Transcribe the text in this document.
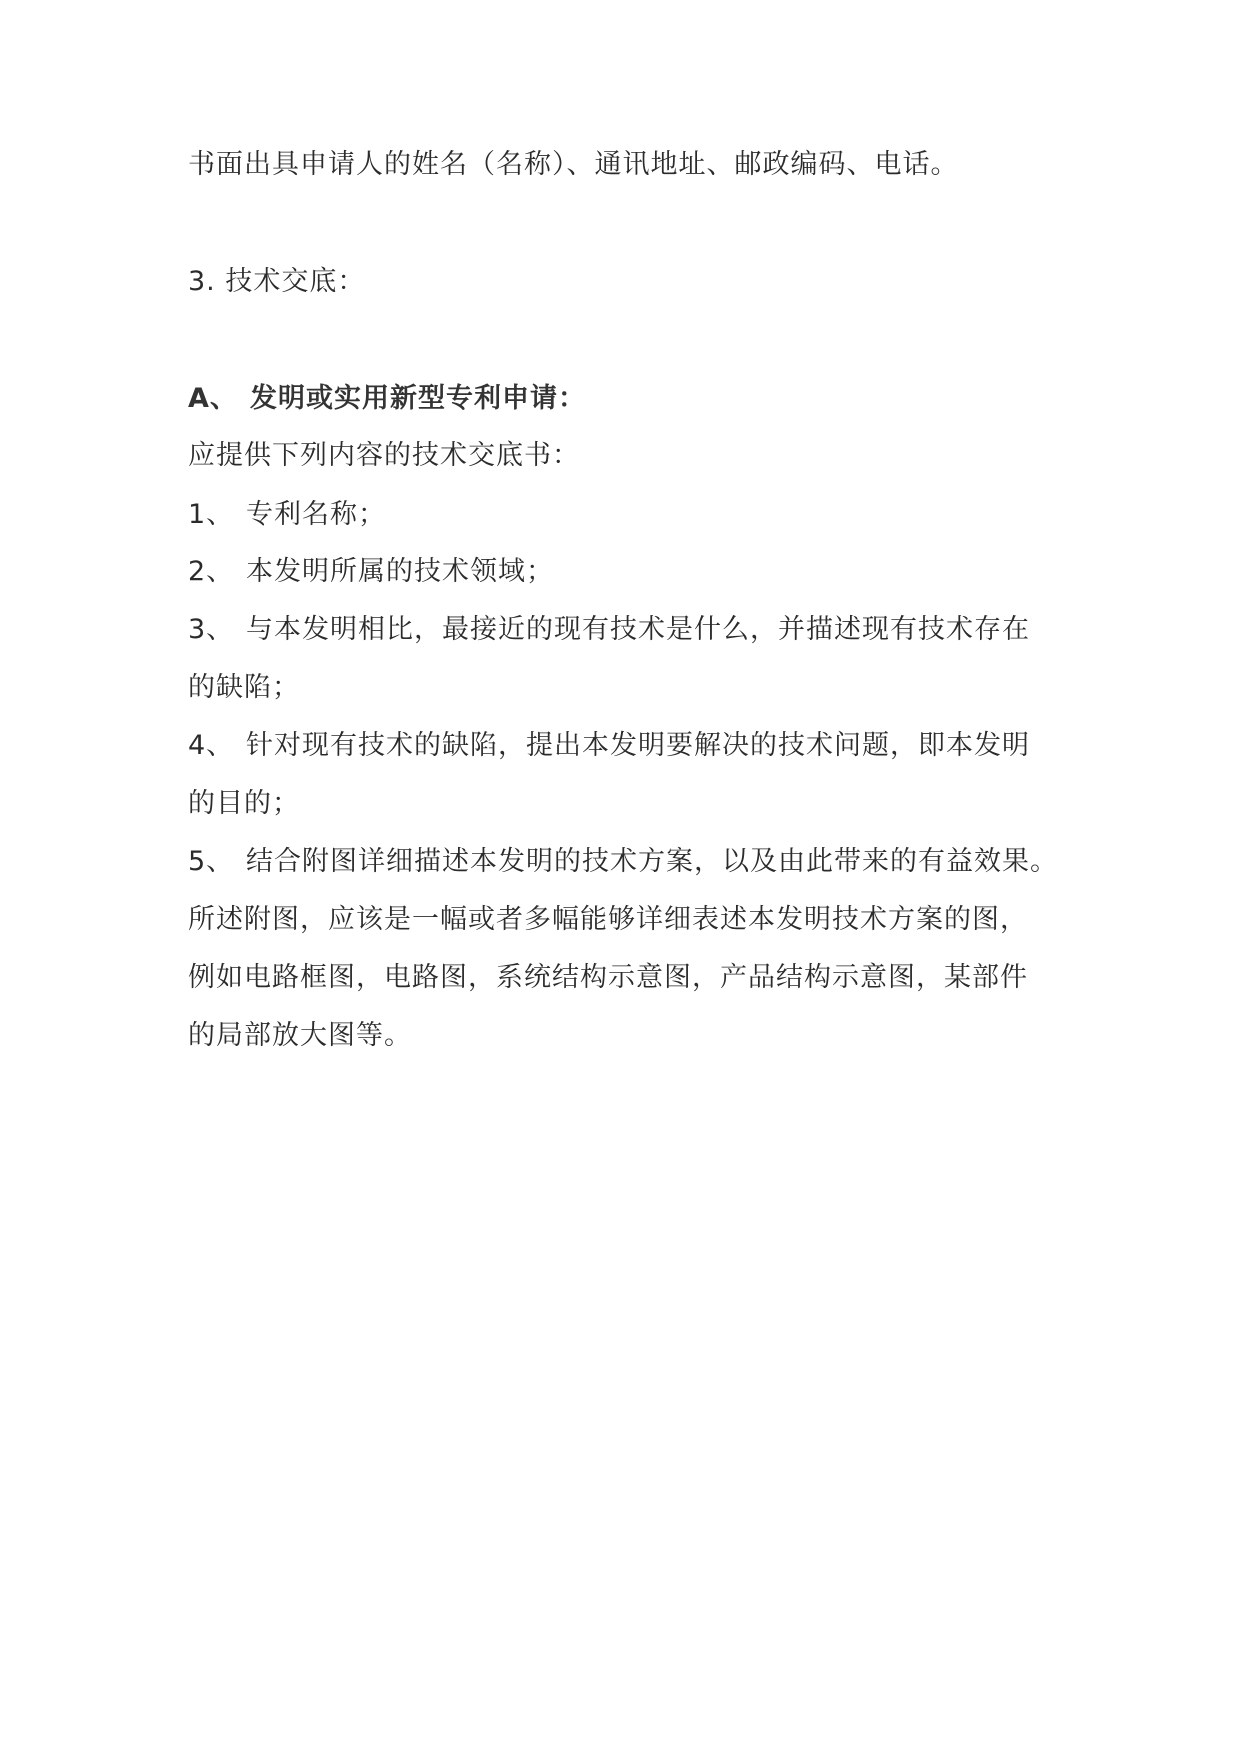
书面出具申请人的姓名（名称）、通讯地址、邮政编码、电话。
3. 技术交底：
A、 发明或实用新型专利申请：
应提供下列内容的技术交底书：
1、 专利名称；
2、 本发明所属的技术领域；
3、 与本发明相比，最接近的现有技术是什么，并描述现有技术存在
的缺陷；
4、 针对现有技术的缺陷，提出本发明要解决的技术问题，即本发明
的目的；
5、 结合附图详细描述本发明的技术方案，以及由此带来的有益效果。
所述附图，应该是一幅或者多幅能够详细表述本发明技术方案的图，
例如电路框图，电路图，系统结构示意图，产品结构示意图，某部件
的局部放大图等。
